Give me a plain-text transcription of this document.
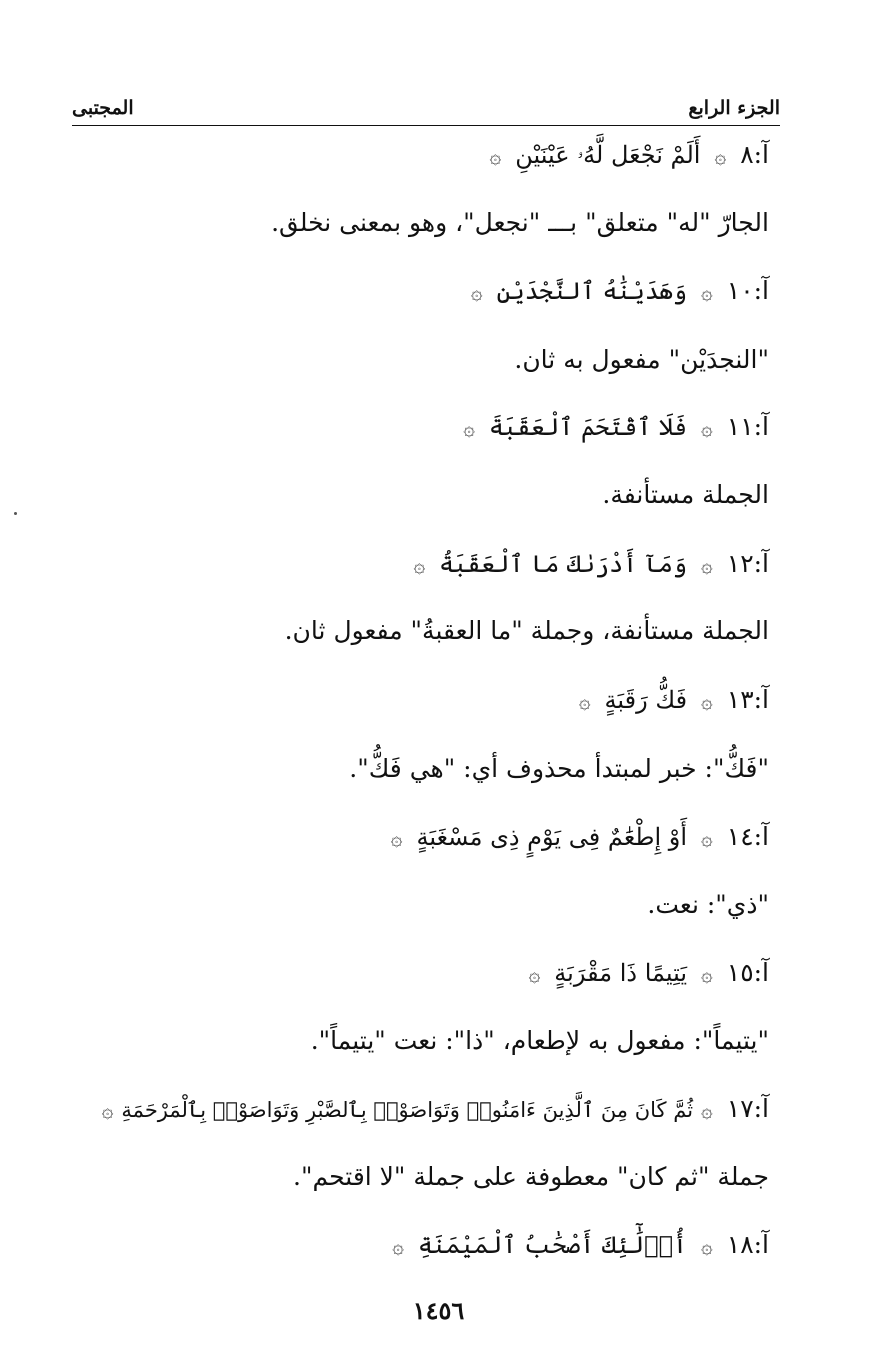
الجزء الرابع
المجتبى
آ:٨۞أَلَمْ نَجْعَل لَّهُۥ عَيْنَيْنِ۞
الجارّ "له" متعلق" بـــ "نجعل"، وهو بمعنى نخلق.
آ:١٠۞وَهَدَيْنَٰهُ ٱلنَّجْدَيْنِ۞
"النجدَيْن" مفعول به ثان.
آ:١١۞فَلَا ٱقْتَحَمَ ٱلْعَقَبَةَ۞
الجملة مستأنفة.
آ:١٢۞وَمَآ أَدْرَىٰكَ مَا ٱلْعَقَبَةُ۞
الجملة مستأنفة، وجملة "ما العقبةُ" مفعول ثان.
آ:١٣۞فَكُّ رَقَبَةٍ۞
"فَكُّ": خبر لمبتدأ محذوف أي: "هي فَكُّ".
آ:١٤۞أَوْ إِطْعَٰمٌ فِى يَوْمٍ ذِى مَسْغَبَةٍ۞
"ذي": نعت.
آ:١٥۞يَتِيمًا ذَا مَقْرَبَةٍ۞
"يتيماً": مفعول به لإطعام، "ذا": نعت "يتيماً".
آ:١٧۞ثُمَّ كَانَ مِنَ ٱلَّذِينَ ءَامَنُوا۟ وَتَوَاصَوْا۟ بِٱلصَّبْرِ وَتَوَاصَوْا۟ بِٱلْمَرْحَمَةِ۞
جملة "ثم كان" معطوفة على جملة "لا اقتحم".
آ:١٨۞أُو۟لَٰٓئِكَ أَصْحَٰبُ ٱلْمَيْمَنَةِ۞
١٤٥٦
